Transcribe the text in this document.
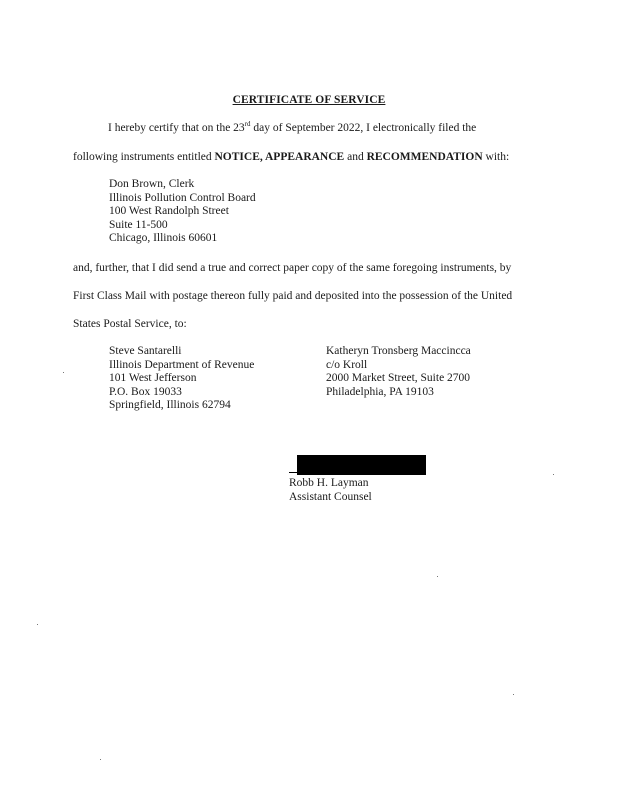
CERTIFICATE OF SERVICE
I hereby certify that on the 23rd day of September 2022, I electronically filed the
following instruments entitled NOTICE, APPEARANCE and RECOMMENDATION with:
Don Brown, Clerk
Illinois Pollution Control Board
100 West Randolph Street
Suite 11-500
Chicago, Illinois 60601
and, further, that I did send a true and correct paper copy of the same foregoing instruments, by
First Class Mail with postage thereon fully paid and deposited into the possession of the United
States Postal Service, to:
Steve Santarelli
Illinois Department of Revenue
101 West Jefferson
P.O. Box 19033
Springfield, Illinois 62794
Katheryn Tronsberg Maccincca
c/o Kroll
2000 Market Street, Suite 2700
Philadelphia, PA 19103
Robb H. Layman
Assistant Counsel
